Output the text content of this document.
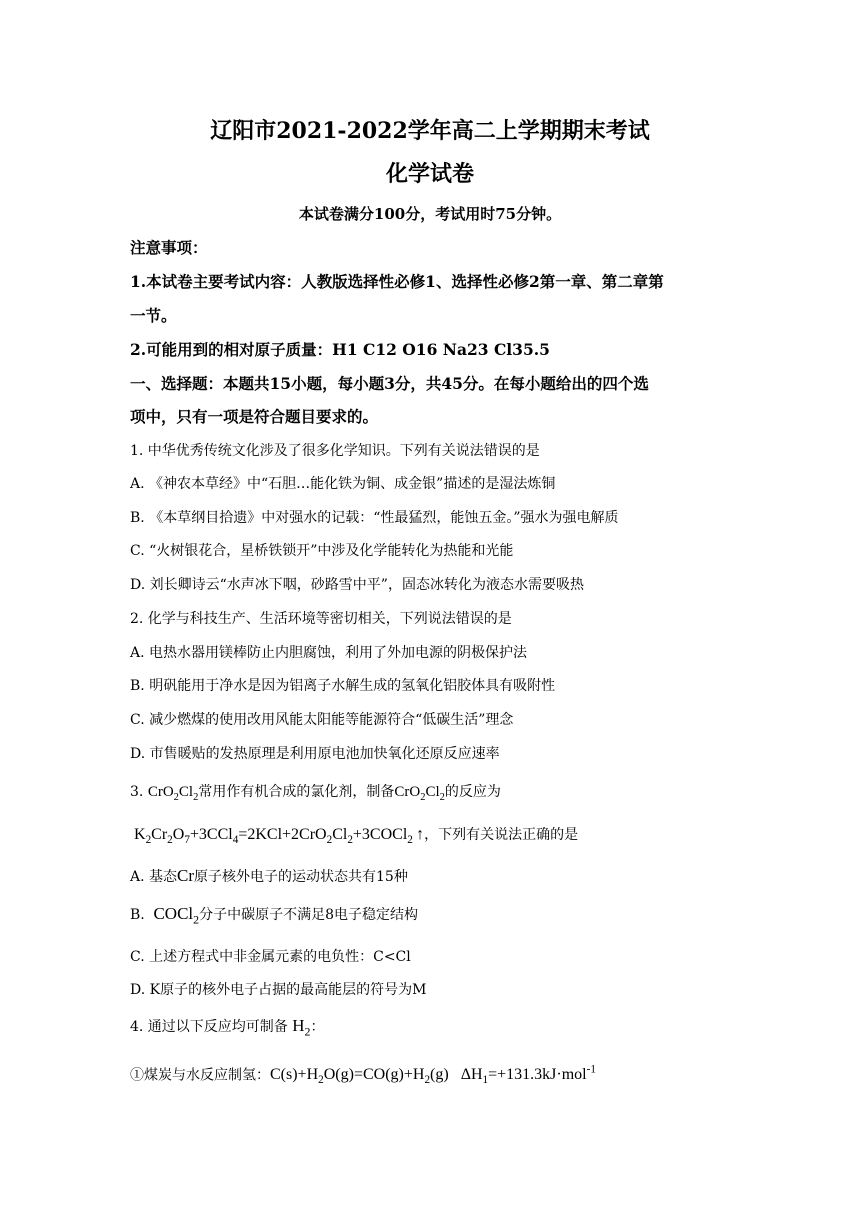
辽阳市2021-2022学年高二上学期期末考试
化学试卷
本试卷满分100分，考试用时75分钟。
注意事项：
1.本试卷主要考试内容：人教版选择性必修1、选择性必修2第一章、第二章第
一节。
2.可能用到的相对原子质量：H1 C12 O16 Na23 Cl35.5
一、选择题：本题共15小题，每小题3分，共45分。在每小题给出的四个选
项中，只有一项是符合题目要求的。
1. 中华优秀传统文化涉及了很多化学知识。下列有关说法错误的是
A. 《神农本草经》中“石胆…能化铁为铜、成金银”描述的是湿法炼铜
B. 《本草纲目拾遗》中对强水的记载：“性最猛烈，能蚀五金。”强水为强电解质
C. “火树银花合，星桥铁锁开”中涉及化学能转化为热能和光能
D. 刘长卿诗云“水声冰下咽，砂路雪中平”，固态冰转化为液态水需要吸热
2. 化学与科技生产、生活环境等密切相关，下列说法错误的是
A. 电热水器用镁棒防止内胆腐蚀，利用了外加电源的阴极保护法
B. 明矾能用于净水是因为铝离子水解生成的氢氧化铝胶体具有吸附性
C. 减少燃煤的使用改用风能太阳能等能源符合“低碳生活”理念
D. 市售暖贴的发热原理是利用原电池加快氧化还原反应速率
3. $CrO_2Cl_2$常用作有机合成的氯化剂，制备$CrO_2Cl_2$的反应为
$K_2Cr_2O_7+3CCl_4=2KCl+2CrO_2Cl_2+3COCl_2$ ↑，下列有关说法正确的是
A. 基态Cr原子核外电子的运动状态共有15种
B.  COCl$_2$分子中碳原子不满足8电子稳定结构
C. 上述方程式中非金属元素的电负性：C<Cl
D. K原子的核外电子占据的最高能层的符号为M
4. 通过以下反应均可制备 $H_2$：
①煤炭与水反应制氢：$C(s)+H_2O(g)=CO(g)+H_2(g)$   $\Delta H_1=+131.3kJ\cdot mol^{-1}$
